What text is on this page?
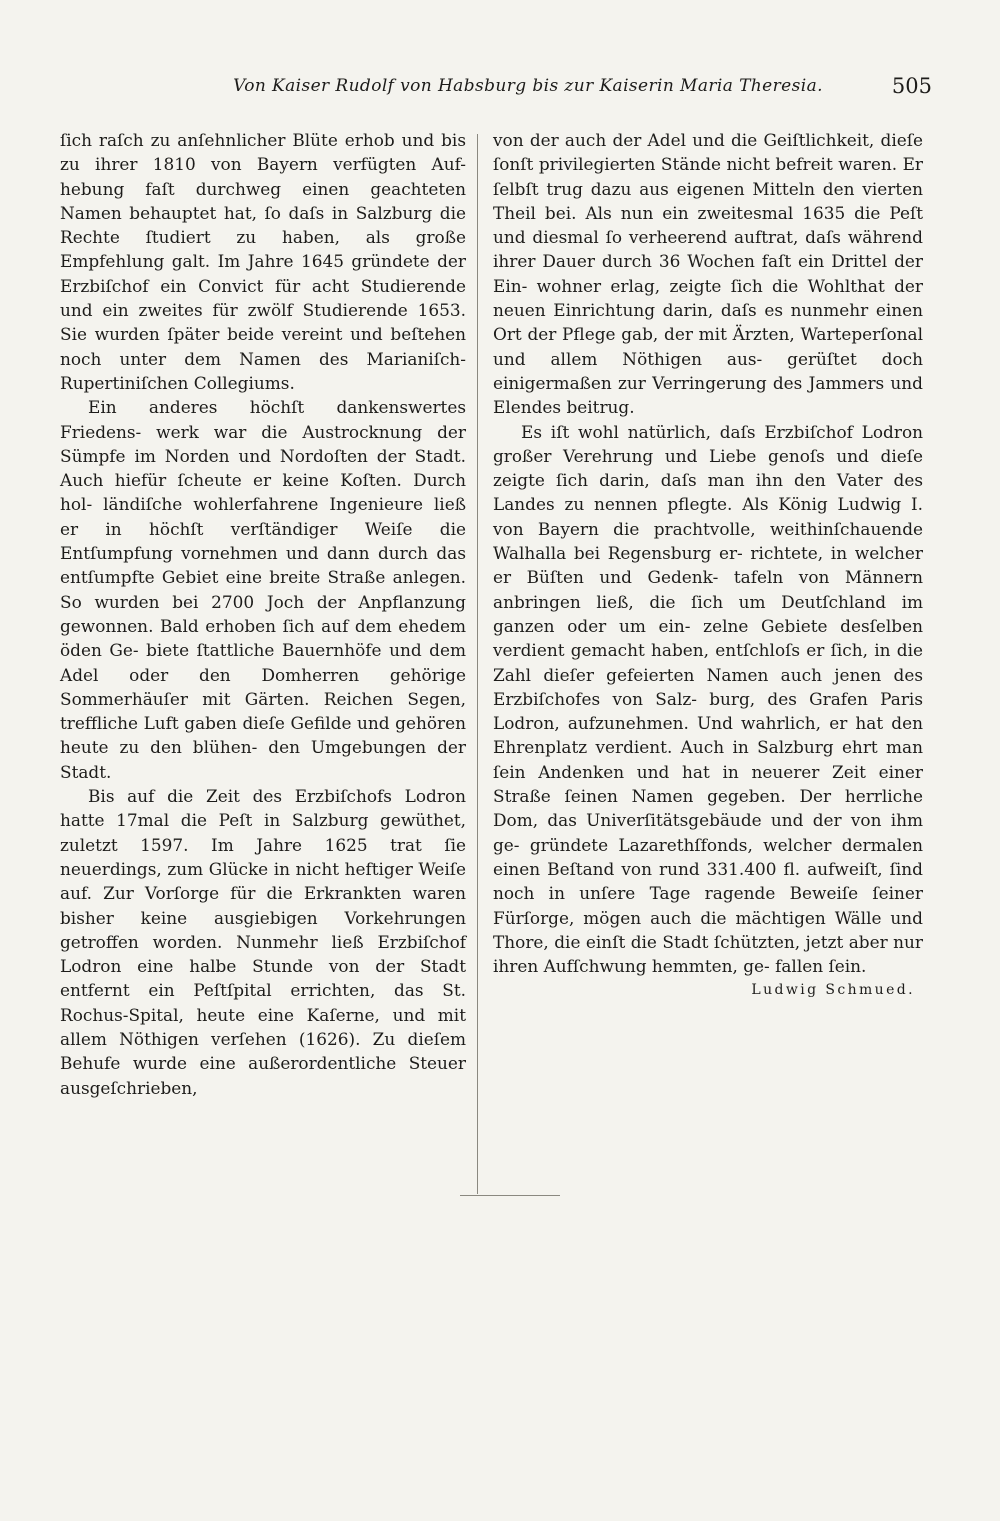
Von Kaiser Rudolf von Habsburg bis zur Kaiserin Maria Theresia.	505

ſich raſch zu anſehnlicher Blüte erhob und bis zu ihrer 1810 von Bayern verfügten Auf- hebung faſt durchweg einen geachteten Namen behauptet hat, ſo daſs in Salzburg die Rechte ſtudiert zu haben, als große Empfehlung galt. Im Jahre 1645 gründete der Erzbiſchof ein Convict für acht Studierende und ein zweites für zwölf Studierende 1653. Sie wurden ſpäter beide vereint und beſtehen noch unter dem Namen des Marianiſch-Rupertiniſchen Collegiums.

Ein anderes höchſt dankenswertes Friedens- werk war die Austrocknung der Sümpfe im Norden und Nordoſten der Stadt. Auch hiefür ſcheute er keine Koſten. Durch hol- ländiſche wohlerfahrene Ingenieure ließ er in höchſt verſtändiger Weiſe die Entſumpfung vornehmen und dann durch das entſumpfte Gebiet eine breite Straße anlegen. So wurden bei 2700 Joch der Anpflanzung gewonnen. Bald erhoben ſich auf dem ehedem öden Ge- biete ſtattliche Bauernhöfe und dem Adel oder den Domherren gehörige Sommerhäuſer mit Gärten. Reichen Segen, treffliche Luft gaben dieſe Gefilde und gehören heute zu den blühen- den Umgebungen der Stadt.

Bis auf die Zeit des Erzbiſchofs Lodron hatte 17mal die Peſt in Salzburg gewüthet, zuletzt 1597. Im Jahre 1625 trat ſie neuerdings, zum Glücke in nicht heftiger Weiſe auf. Zur Vorſorge für die Erkrankten waren bisher keine ausgiebigen Vorkehrungen getroffen worden. Nunmehr ließ Erzbiſchof Lodron eine halbe Stunde von der Stadt entfernt ein Peſtſpital errichten, das St. Rochus-Spital, heute eine Kaſerne, und mit allem Nöthigen verſehen (1626). Zu dieſem Behufe wurde eine außerordentliche Steuer ausgeſchrieben,

von der auch der Adel und die Geiſtlichkeit, dieſe ſonſt privilegierten Stände nicht befreit waren. Er ſelbſt trug dazu aus eigenen Mitteln den vierten Theil bei. Als nun ein zweitesmal 1635 die Peſt und diesmal ſo verheerend auftrat, daſs während ihrer Dauer durch 36 Wochen faſt ein Drittel der Ein- wohner erlag, zeigte ſich die Wohlthat der neuen Einrichtung darin, daſs es nunmehr einen Ort der Pflege gab, der mit Ärzten, Warteperſonal und allem Nöthigen aus- gerüſtet doch einigermaßen zur Verringerung des Jammers und Elendes beitrug.

Es iſt wohl natürlich, daſs Erzbiſchof Lodron großer Verehrung und Liebe genoſs und dieſe zeigte ſich darin, daſs man ihn den Vater des Landes zu nennen pflegte. Als König Ludwig I. von Bayern die prachtvolle, weithinſchauende Walhalla bei Regensburg er- richtete, in welcher er Büſten und Gedenk- tafeln von Männern anbringen ließ, die ſich um Deutſchland im ganzen oder um ein- zelne Gebiete desſelben verdient gemacht haben, entſchloſs er ſich, in die Zahl dieſer gefeierten Namen auch jenen des Erzbiſchofes von Salz- burg, des Grafen Paris Lodron, aufzunehmen. Und wahrlich, er hat den Ehrenplatz verdient. Auch in Salzburg ehrt man ſein Andenken und hat in neuerer Zeit einer Straße ſeinen Namen gegeben. Der herrliche Dom, das Univerſitätsgebäude und der von ihm ge- gründete Lazarethſfonds, welcher dermalen einen Beſtand von rund 331.400 fl. aufweiſt, ſind noch in unſere Tage ragende Beweiſe ſeiner Fürſorge, mögen auch die mächtigen Wälle und Thore, die einſt die Stadt ſchützten, jetzt aber nur ihren Aufſchwung hemmten, ge- fallen ſein.

Ludwig Schmued.
